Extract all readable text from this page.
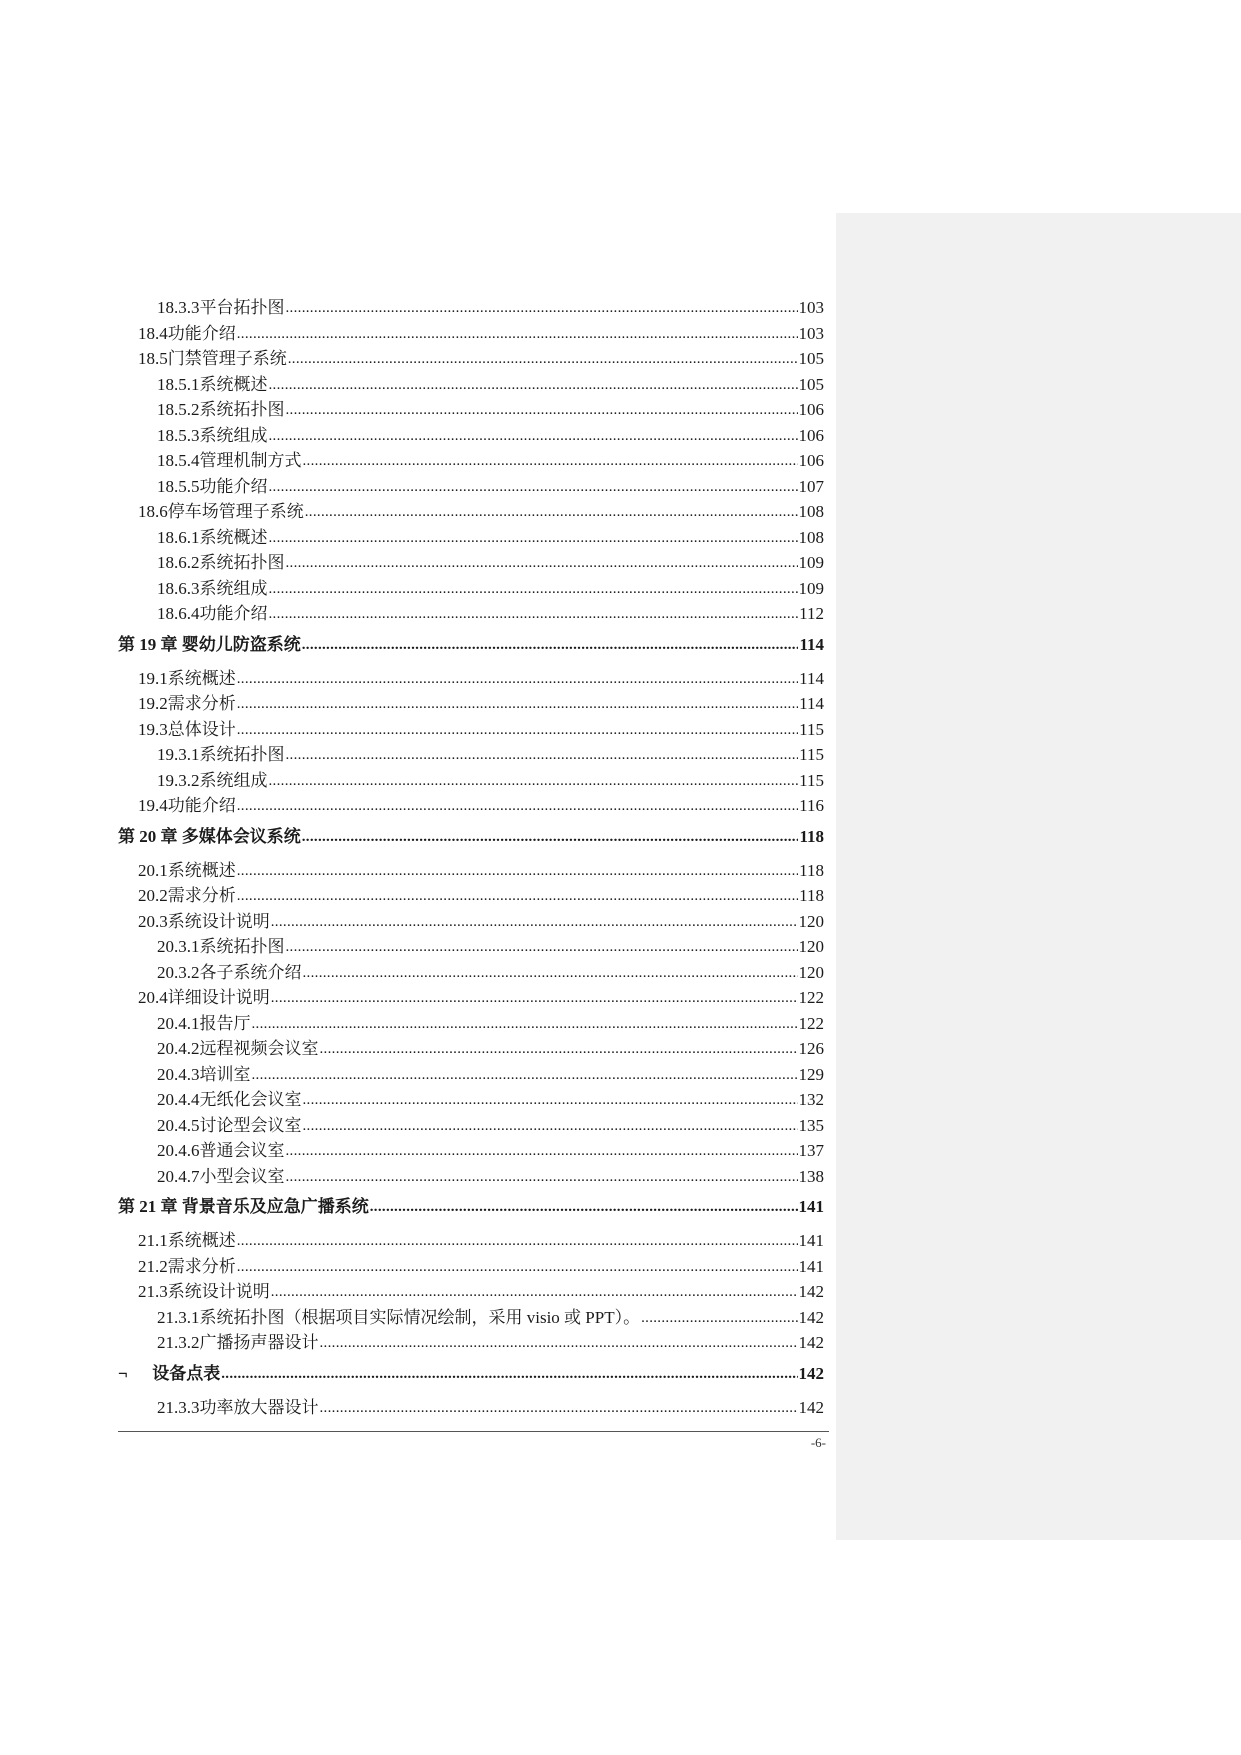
18.3.3 平台拓扑图 .....	103
18.4 功能介绍 .....	103
18.5 门禁管理子系统 .....	105
18.5.1 系统概述 .....	105
18.5.2 系统拓扑图 .....	106
18.5.3 系统组成 .....	106
18.5.4 管理机制方式 .....	106
18.5.5 功能介绍 .....	107
18.6 停车场管理子系统 .....	108
18.6.1 系统概述 .....	108
18.6.2 系统拓扑图 .....	109
18.6.3 系统组成 .....	109
18.6.4 功能介绍 .....	112
第 19 章 婴幼儿防盗系统 .....	114
19.1 系统概述 .....	114
19.2 需求分析 .....	114
19.3 总体设计 .....	115
19.3.1 系统拓扑图 .....	115
19.3.2 系统组成 .....	115
19.4 功能介绍 .....	116
第 20 章 多媒体会议系统 .....	118
20.1 系统概述 .....	118
20.2 需求分析 .....	118
20.3 系统设计说明 .....	120
20.3.1 系统拓扑图 .....	120
20.3.2 各子系统介绍 .....	120
20.4 详细设计说明 .....	122
20.4.1 报告厅 .....	122
20.4.2 远程视频会议室 .....	126
20.4.3 培训室 .....	129
20.4.4 无纸化会议室 .....	132
20.4.5 讨论型会议室 .....	135
20.4.6 普通会议室 .....	137
20.4.7 小型会议室 .....	138
第 21 章 背景音乐及应急广播系统 .....	141
21.1 系统概述 .....	141
21.2 需求分析 .....	141
21.3 系统设计说明 .....	142
21.3.1 系统拓扑图（根据项目实际情况绘制，采用 visio 或 PPT）。 .....	142
21.3.2 广播扬声器设计 .....	142
¬	设备点表 .....	142
21.3.3 功率放大器设计 .....	142
-6-
